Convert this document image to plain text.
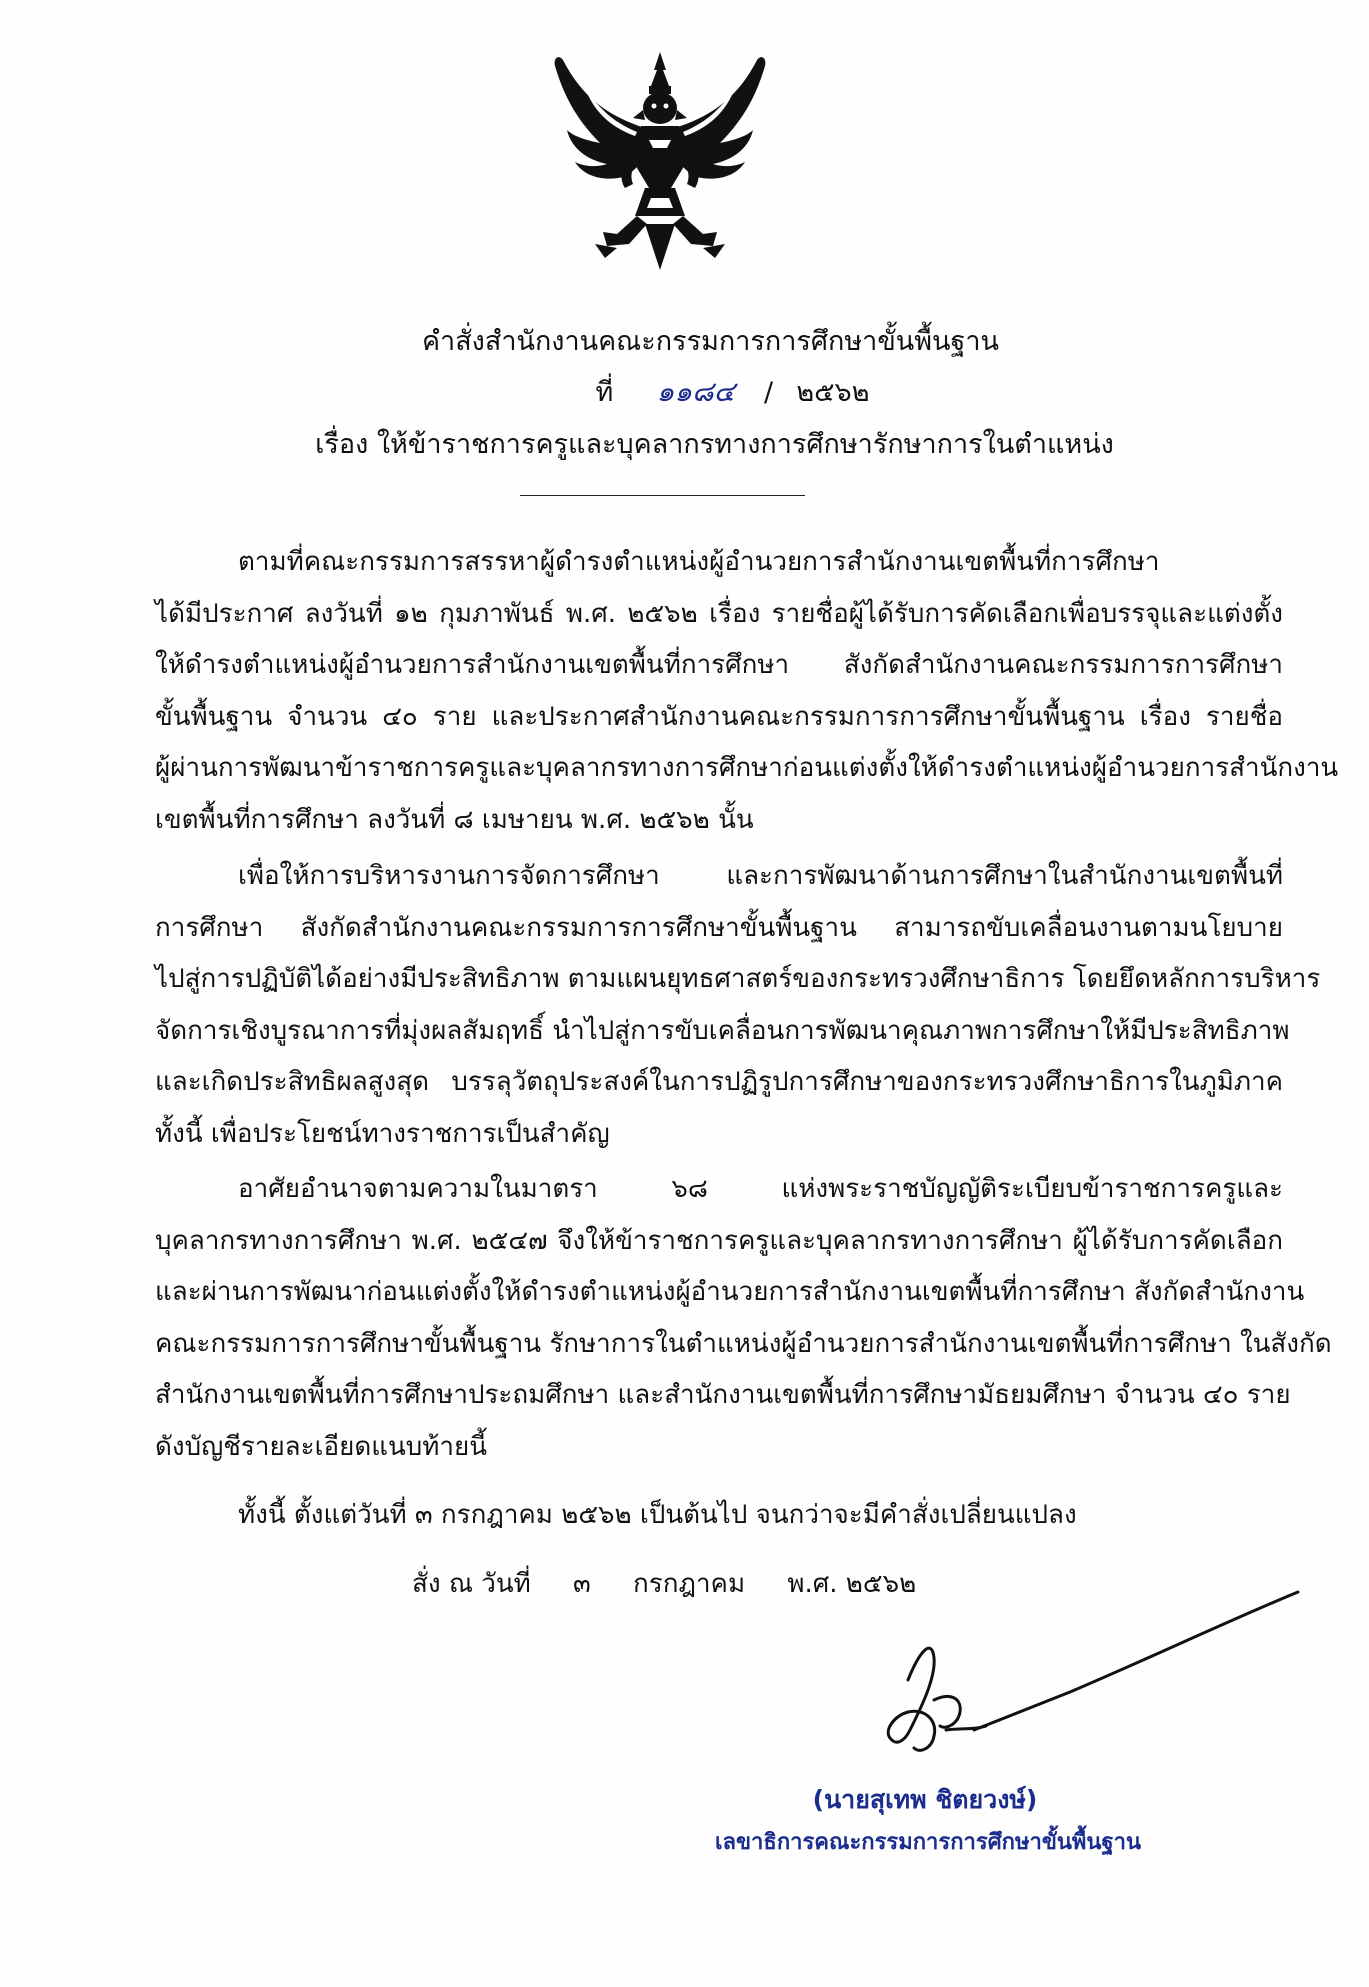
คำสั่งสำนักงานคณะกรรมการการศึกษาขั้นพื้นฐาน
ที่ ๑๑๘๔ / ๒๕๖๒
เรื่อง ให้ข้าราชการครูและบุคลากรทางการศึกษารักษาการในตำแหน่ง
ตามที่คณะกรรมการสรรหาผู้ดำรงตำแหน่งผู้อำนวยการสำนักงานเขตพื้นที่การศึกษา
ได้มีประกาศ ลงวันที่ ๑๒ กุมภาพันธ์ พ.ศ. ๒๕๖๒ เรื่อง รายชื่อผู้ได้รับการคัดเลือกเพื่อบรรจุและแต่งตั้ง
ให้ดำรงตำแหน่งผู้อำนวยการสำนักงานเขตพื้นที่การศึกษา สังกัดสำนักงานคณะกรรมการการศึกษา
ขั้นพื้นฐาน จำนวน ๔๐ ราย และประกาศสำนักงานคณะกรรมการการศึกษาขั้นพื้นฐาน เรื่อง รายชื่อ
ผู้ผ่านการพัฒนาข้าราชการครูและบุคลากรทางการศึกษาก่อนแต่งตั้งให้ดำรงตำแหน่งผู้อำนวยการสำนักงาน
เขตพื้นที่การศึกษา ลงวันที่ ๘ เมษายน พ.ศ. ๒๕๖๒ นั้น
เพื่อให้การบริหารงานการจัดการศึกษา และการพัฒนาด้านการศึกษาในสำนักงานเขตพื้นที่
การศึกษา สังกัดสำนักงานคณะกรรมการการศึกษาขั้นพื้นฐาน สามารถขับเคลื่อนงานตามนโยบาย
ไปสู่การปฏิบัติได้อย่างมีประสิทธิภาพ ตามแผนยุทธศาสตร์ของกระทรวงศึกษาธิการ โดยยึดหลักการบริหาร
จัดการเชิงบูรณาการที่มุ่งผลสัมฤทธิ์ นำไปสู่การขับเคลื่อนการพัฒนาคุณภาพการศึกษาให้มีประสิทธิภาพ
และเกิดประสิทธิผลสูงสุด บรรลุวัตถุประสงค์ในการปฏิรูปการศึกษาของกระทรวงศึกษาธิการในภูมิภาค
ทั้งนี้ เพื่อประโยชน์ทางราชการเป็นสำคัญ
อาศัยอำนาจตามความในมาตรา ๖๘ แห่งพระราชบัญญัติระเบียบข้าราชการครูและ
บุคลากรทางการศึกษา พ.ศ. ๒๕๔๗ จึงให้ข้าราชการครูและบุคลากรทางการศึกษา ผู้ได้รับการคัดเลือก
และผ่านการพัฒนาก่อนแต่งตั้งให้ดำรงตำแหน่งผู้อำนวยการสำนักงานเขตพื้นที่การศึกษา สังกัดสำนักงาน
คณะกรรมการการศึกษาขั้นพื้นฐาน รักษาการในตำแหน่งผู้อำนวยการสำนักงานเขตพื้นที่การศึกษา ในสังกัด
สำนักงานเขตพื้นที่การศึกษาประถมศึกษา และสำนักงานเขตพื้นที่การศึกษามัธยมศึกษา จำนวน ๔๐ ราย
ดังบัญชีรายละเอียดแนบท้ายนี้
ทั้งนี้ ตั้งแต่วันที่ ๓ กรกฎาคม ๒๕๖๒ เป็นต้นไป จนกว่าจะมีคำสั่งเปลี่ยนแปลง
สั่ง ณ วันที่ ๓ กรกฎาคม พ.ศ. ๒๕๖๒
(นายสุเทพ ชิตยวงษ์)
เลขาธิการคณะกรรมการการศึกษาขั้นพื้นฐาน
